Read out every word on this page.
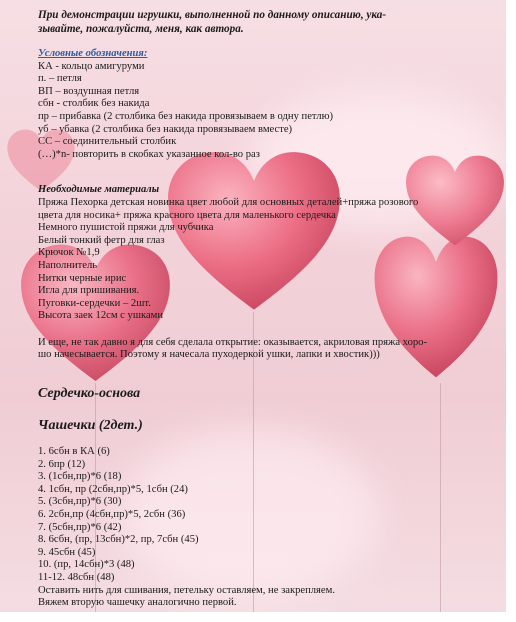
При демонстрации игрушки, выполненной по данному описанию, ука-
зывайте, пожалуйста, меня, как автора.
Условные обозначения:
КА - кольцо амигуруми
п. – петля
ВП – воздушная петля
сбн - столбик без накида
пр – прибавка (2 столбика без накида провязываем в одну петлю)
уб – убавка (2 столбика без накида провязываем вместе)
СС – соединительный столбик
(…)*n- повторить в скобках указанное кол-во раз
Необходимые материалы
Пряжа Пехорка детская новинка цвет любой для основных деталей+пряжа розового
цвета для носика+ пряжа красного цвета для маленького сердечка
Немного пушистой пряжи для чубчика
Белый тонкий фетр для глаз
Крючок №1,9
Наполнитель
Нитки черные ирис
Игла для пришивания.
Пуговки-сердечки – 2шт.
Высота заек 12см с ушками
И еще, не так давно я для себя сделала открытие: оказывается, акриловая пряжа хоро-
шо начесывается. Поэтому я начесала пуходеркой ушки, лапки и хвостик)))
Сердечко-основа
Чашечки (2дет.)
1. 6сбн в КА (6)
2. 6пр (12)
3. (1сбн,пр)*6 (18)
4. 1сбн, пр (2сбн,пр)*5, 1сбн (24)
5. (3сбн,пр)*6 (30)
6. 2сбн,пр (4сбн,пр)*5, 2сбн (36)
7. (5сбн,пр)*6 (42)
8. 6сбн, (пр, 13сбн)*2, пр, 7сбн (45)
9. 45сбн (45)
10. (пр, 14сбн)*3 (48)
11-12. 48сбн (48)
Оставить нить для сшивания, петельку оставляем, не закрепляем.
Вяжем вторую чашечку аналогично первой.
